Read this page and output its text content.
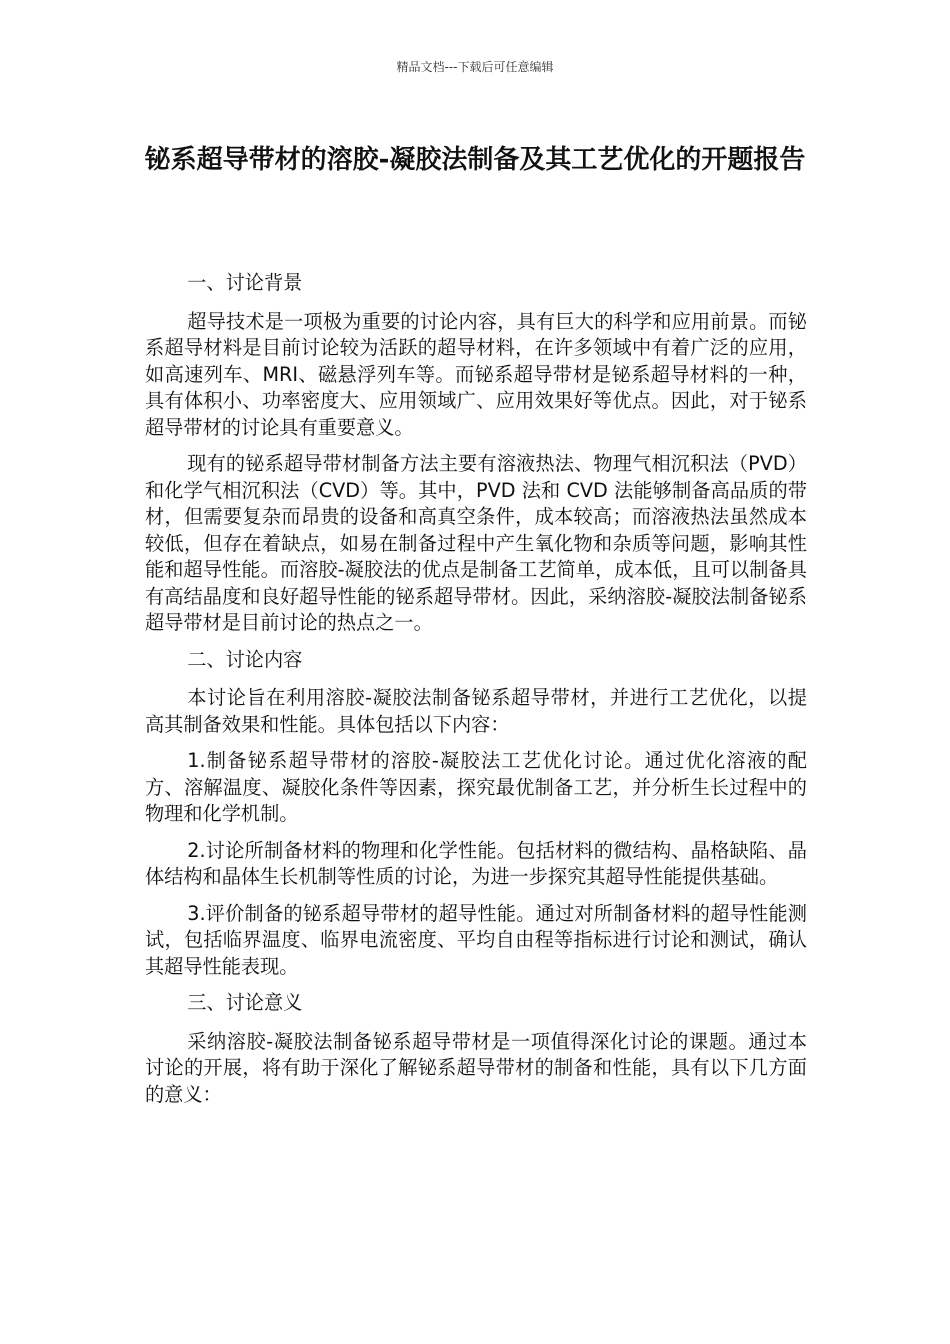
精品文档---下载后可任意编辑
铋系超导带材的溶胶-凝胶法制备及其工艺优化的开题报告

一、讨论背景

超导技术是一项极为重要的讨论内容，具有巨大的科学和应用前景。而铋系超导材料是目前讨论较为活跃的超导材料，在许多领域中有着广泛的应用，如高速列车、MRI、磁悬浮列车等。而铋系超导带材是铋系超导材料的一种，具有体积小、功率密度大、应用领域广、应用效果好等优点。因此，对于铋系超导带材的讨论具有重要意义。

现有的铋系超导带材制备方法主要有溶液热法、物理气相沉积法（PVD）和化学气相沉积法（CVD）等。其中，PVD 法和 CVD 法能够制备高品质的带材，但需要复杂而昂贵的设备和高真空条件，成本较高；而溶液热法虽然成本较低，但存在着缺点，如易在制备过程中产生氧化物和杂质等问题，影响其性能和超导性能。而溶胶-凝胶法的优点是制备工艺简单，成本低，且可以制备具有高结晶度和良好超导性能的铋系超导带材。因此，采纳溶胶-凝胶法制备铋系超导带材是目前讨论的热点之一。

二、讨论内容

本讨论旨在利用溶胶-凝胶法制备铋系超导带材，并进行工艺优化，以提高其制备效果和性能。具体包括以下内容：

1.制备铋系超导带材的溶胶-凝胶法工艺优化讨论。通过优化溶液的配方、溶解温度、凝胶化条件等因素，探究最优制备工艺，并分析生长过程中的物理和化学机制。

2.讨论所制备材料的物理和化学性能。包括材料的微结构、晶格缺陷、晶体结构和晶体生长机制等性质的讨论，为进一步探究其超导性能提供基础。

3.评价制备的铋系超导带材的超导性能。通过对所制备材料的超导性能测试，包括临界温度、临界电流密度、平均自由程等指标进行讨论和测试，确认其超导性能表现。

三、讨论意义

采纳溶胶-凝胶法制备铋系超导带材是一项值得深化讨论的课题。通过本讨论的开展，将有助于深化了解铋系超导带材的制备和性能，具有以下几方面的意义：
